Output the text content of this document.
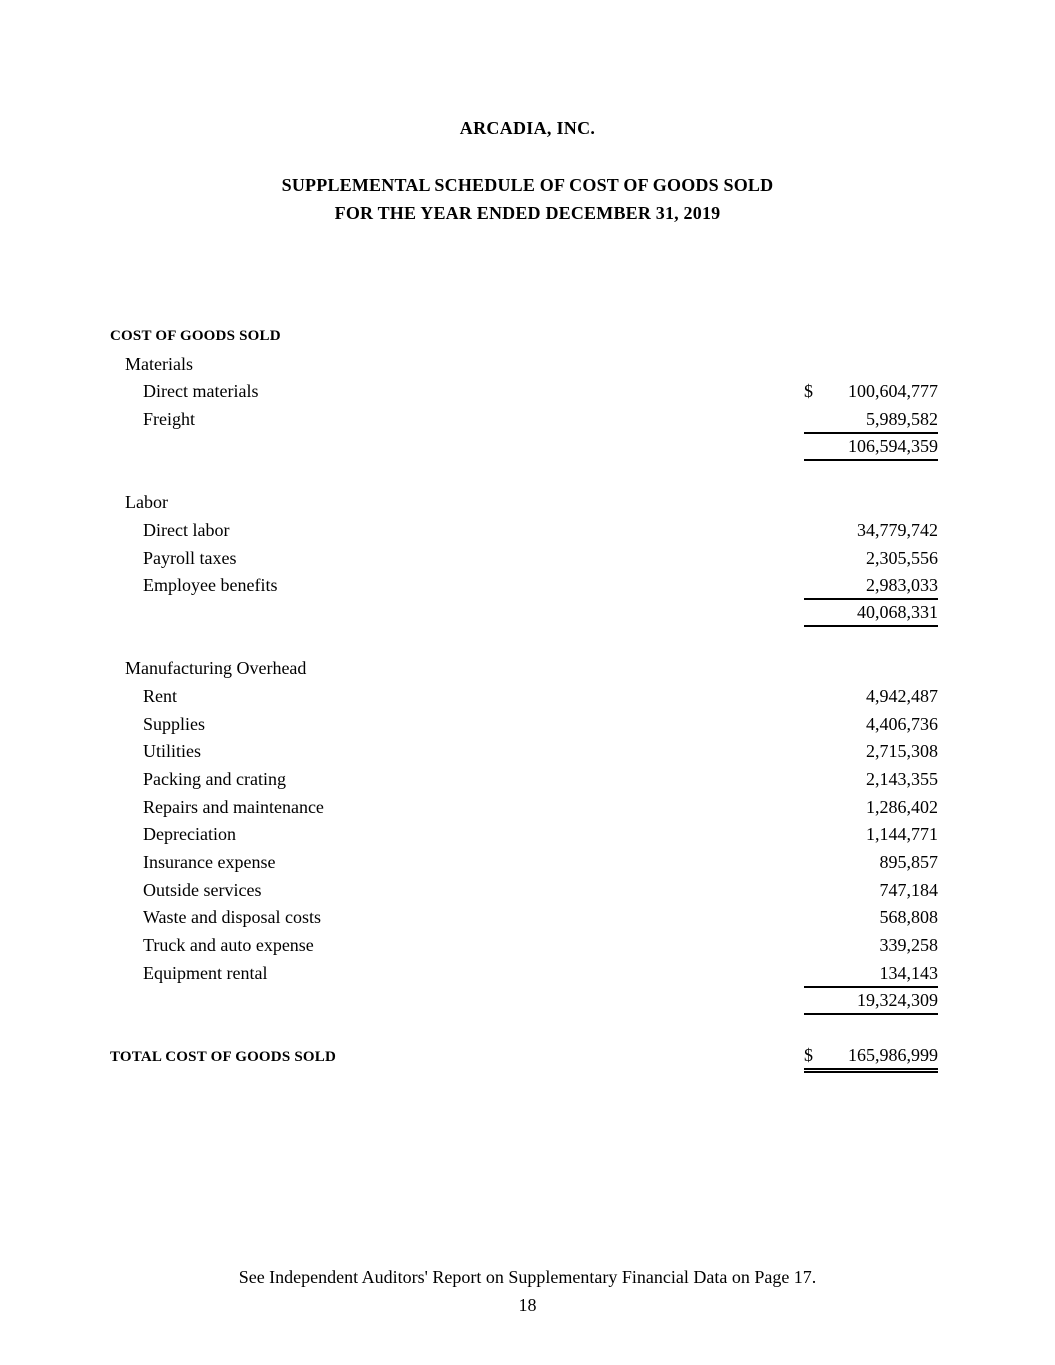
ARCADIA, INC.
SUPPLEMENTAL SCHEDULE OF COST OF GOODS SOLD
FOR THE YEAR ENDED DECEMBER 31, 2019
COST OF GOODS SOLD
Materials
Direct materials	$	100,604,777
Freight	5,989,582
106,594,359
Labor
Direct labor	34,779,742
Payroll taxes	2,305,556
Employee benefits	2,983,033
40,068,331
Manufacturing Overhead
Rent	4,942,487
Supplies	4,406,736
Utilities	2,715,308
Packing and crating	2,143,355
Repairs and maintenance	1,286,402
Depreciation	1,144,771
Insurance expense	895,857
Outside services	747,184
Waste and disposal costs	568,808
Truck and auto expense	339,258
Equipment rental	134,143
19,324,309
TOTAL COST OF GOODS SOLD	$	165,986,999
See Independent Auditors' Report on Supplementary Financial Data on Page 17.
18
